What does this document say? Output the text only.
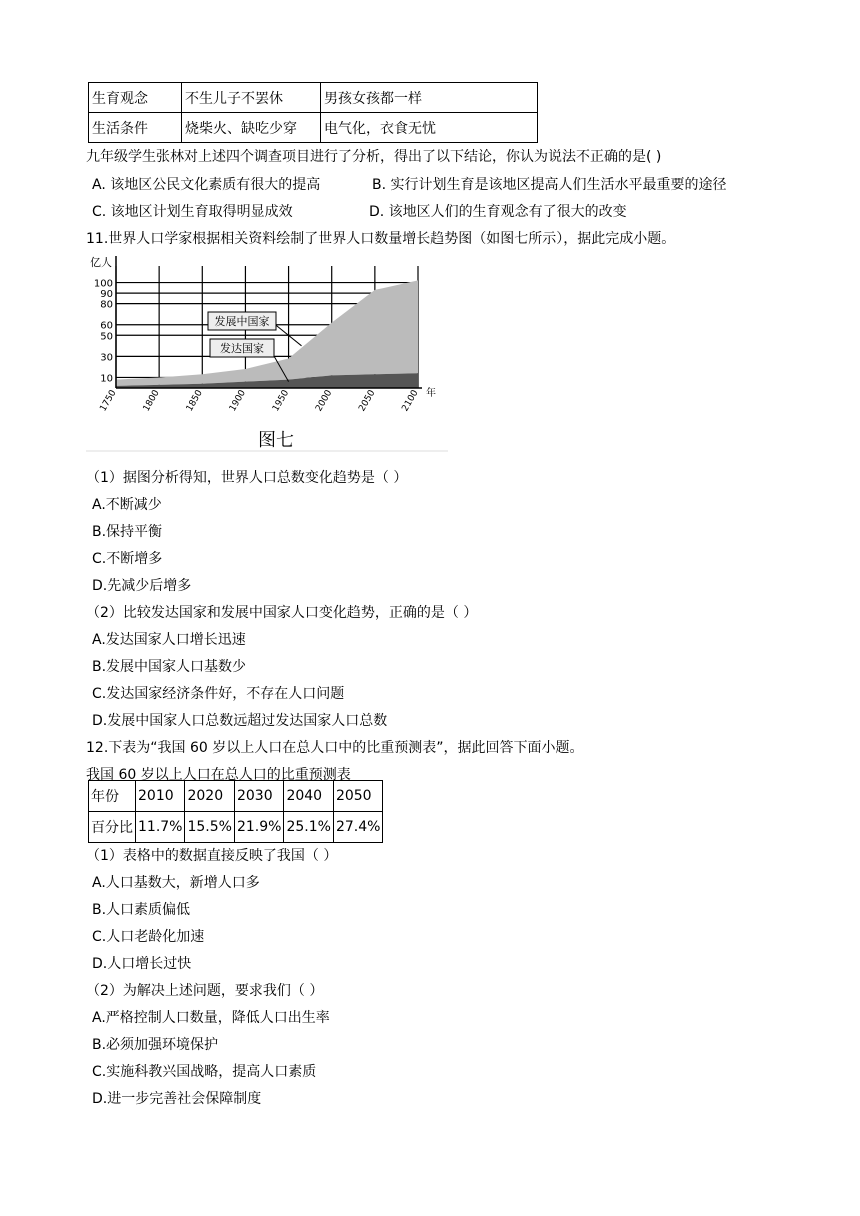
生育观念	不生儿子不罢休	男孩女孩都一样
生活条件	烧柴火、缺吃少穿	电气化，衣食无忧
九年级学生张林对上述四个调查项目进行了分析，得出了以下结论，你认为说法不正确的是( )
A. 该地区公民文化素质有很大的提高	B. 实行计划生育是该地区提高人们生活水平最重要的途径
C. 该地区计划生育取得明显成效	D. 该地区人们的生育观念有了很大的改变
11.世界人口学家根据相关资料绘制了世界人口数量增长趋势图（如图七所示），据此完成小题。
10
30
50
60
80
90
100
亿人
1750	1800	1850	1900	1950	2000	2050	2100 年
发展中国家
发达国家
图七
（1）据图分析得知，世界人口总数变化趋势是（ ）
A.不断减少
B.保持平衡
C.不断增多
D.先减少后增多
（2）比较发达国家和发展中国家人口变化趋势，正确的是（ ）
A.发达国家人口增长迅速
B.发展中国家人口基数少
C.发达国家经济条件好，不存在人口问题
D.发展中国家人口总数远超过发达国家人口总数
12.下表为“我国 60 岁以上人口在总人口中的比重预测表”，据此回答下面小题。
我国 60 岁以上人口在总人口的比重预测表
年份	2010	2020	2030	2040	2050
百分比	11.7%	15.5%	21.9%	25.1%	27.4%
（1）表格中的数据直接反映了我国（ ）
A.人口基数大，新增人口多
B.人口素质偏低
C.人口老龄化加速
D.人口增长过快
（2）为解决上述问题，要求我们（ ）
A.严格控制人口数量，降低人口出生率
B.必须加强环境保护
C.实施科教兴国战略，提高人口素质
D.进一步完善社会保障制度
